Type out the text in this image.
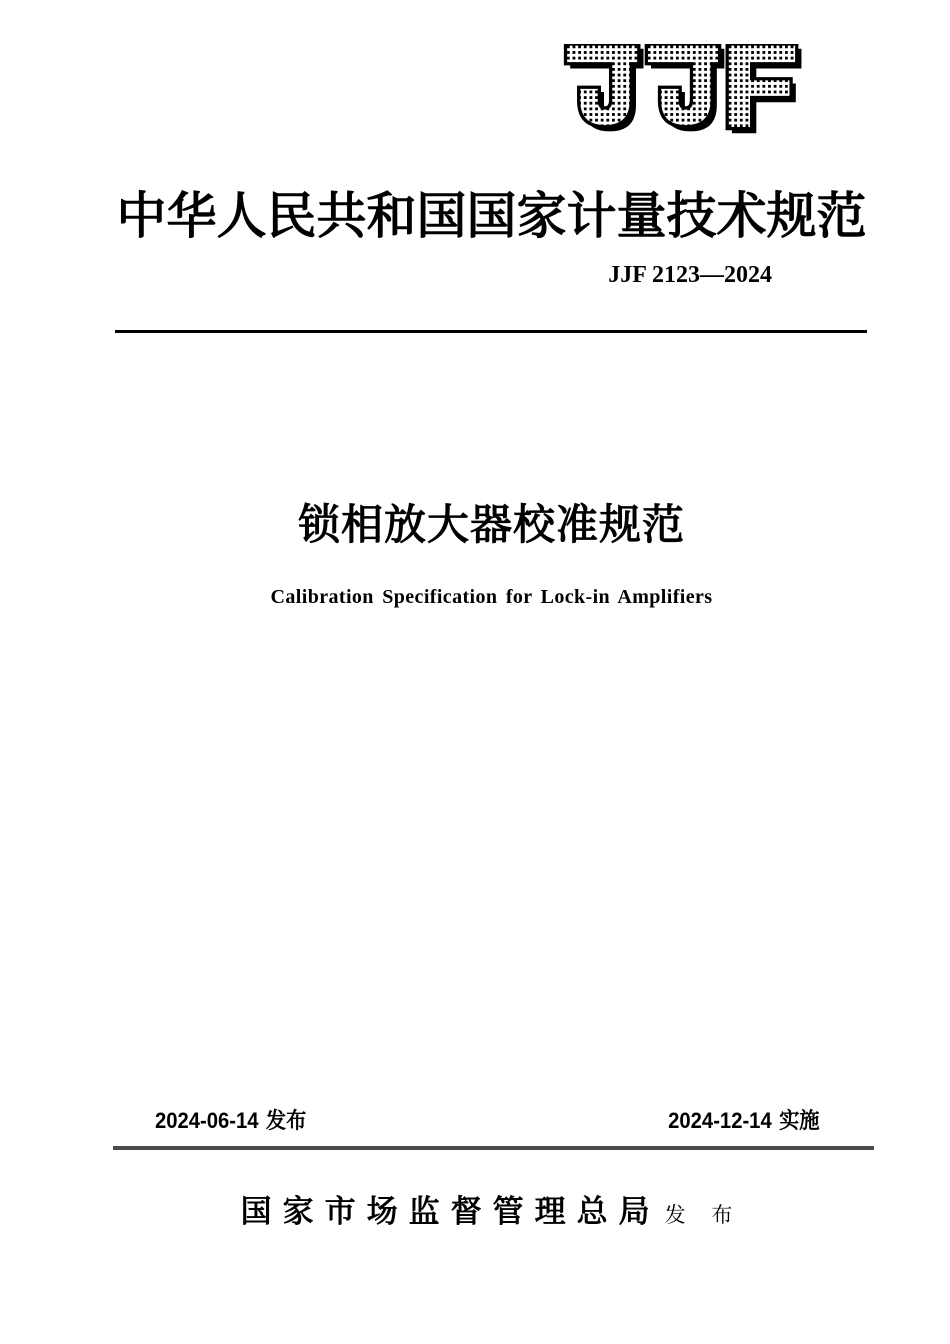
中华人民共和国国家计量技术规范
JJF 2123—2024
锁相放大器校准规范
Calibration Specification for Lock-in Amplifiers
2024-06-14 发布	2024-12-14 实施
国家市场监督管理总局 发 布
